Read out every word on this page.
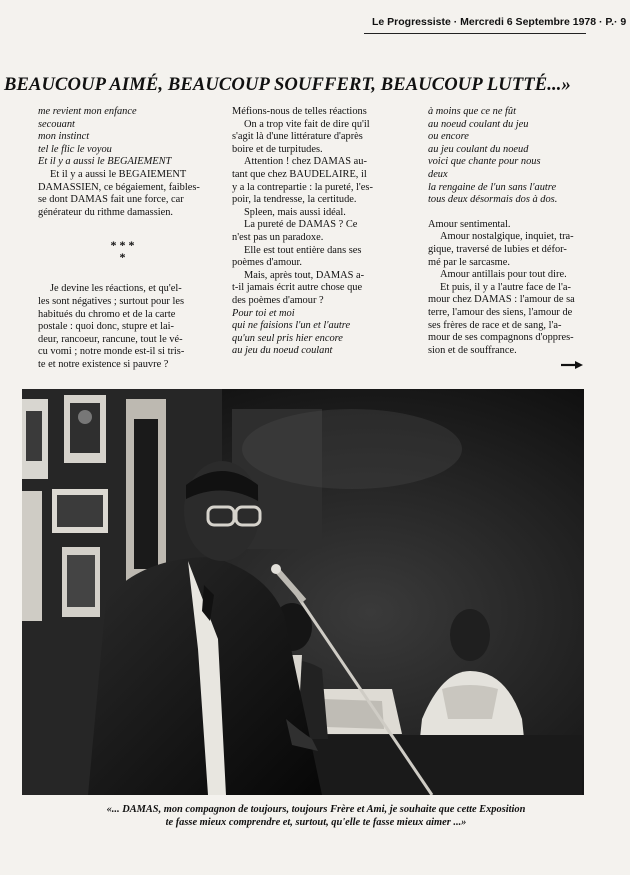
Le Progressiste · Mercredi 6 Septembre 1978 · P.· 9
BEAUCOUP AIMÉ, BEAUCOUP SOUFFERT, BEAUCOUP LUTTÉ...»
me revient mon enfance
secouant
mon instinct
tel le flic le voyou
Et il y a aussi le BEGAIEMENT
Et il y a aussi le BEGAIEMENT
DAMASSIEN, ce bégaiement, faibles-
se dont DAMAS fait une force, car
générateur du rithme damassien.
***
*
Je devine les réactions, et qu'el-
les sont négatives ; surtout pour les
habitués du chromo et de la carte
postale : quoi donc, stupre et lai-
deur, rancoeur, rancune, tout le vé-
cu vomi ; notre monde est-il si tris-
te et notre existence si pauvre ?
Méfions-nous de telles réactions
On a trop vite fait de dire qu'il
s'agit là d'une littérature d'après
boire et de turpitudes.
Attention ! chez DAMAS au-
tant que chez BAUDELAIRE, il
y a la contrepartie : la pureté, l'es-
poir, la tendresse, la certitude.
Spleen, mais aussi idéal.
La pureté de DAMAS ? Ce
n'est pas un paradoxe.
Elle est tout entière dans ses
poèmes d'amour.
Mais, après tout, DAMAS a-
t-il jamais écrit autre chose que
des poèmes d'amour ?
Pour toi et moi
qui ne faisions l'un et l'autre
qu'un seul pris hier encore
au jeu du noeud coulant
à moins que ce ne fût
au noeud coulant du jeu
ou encore
au jeu coulant du noeud
voici que chante pour nous
deux
la rengaine de l'un sans l'autre
tous deux désormais dos à dos.
Amour sentimental.
Amour nostalgique, inquiet, tra-
gique, traversé de lubies et défor-
mé par le sarcasme.
Amour antillais pour tout dire.
Et puis, il y a l'autre face de l'a-
mour chez DAMAS : l'amour de sa
terre, l'amour des siens, l'amour de
ses frères de race et de sang, l'a-
mour de ses compagnons d'oppres-
sion et de souffrance.
«... DAMAS, mon compagnon de toujours, toujours Frère et Ami, je souhaite que cette Exposition
te fasse mieux comprendre et, surtout, qu'elle te fasse mieux aimer ...»
